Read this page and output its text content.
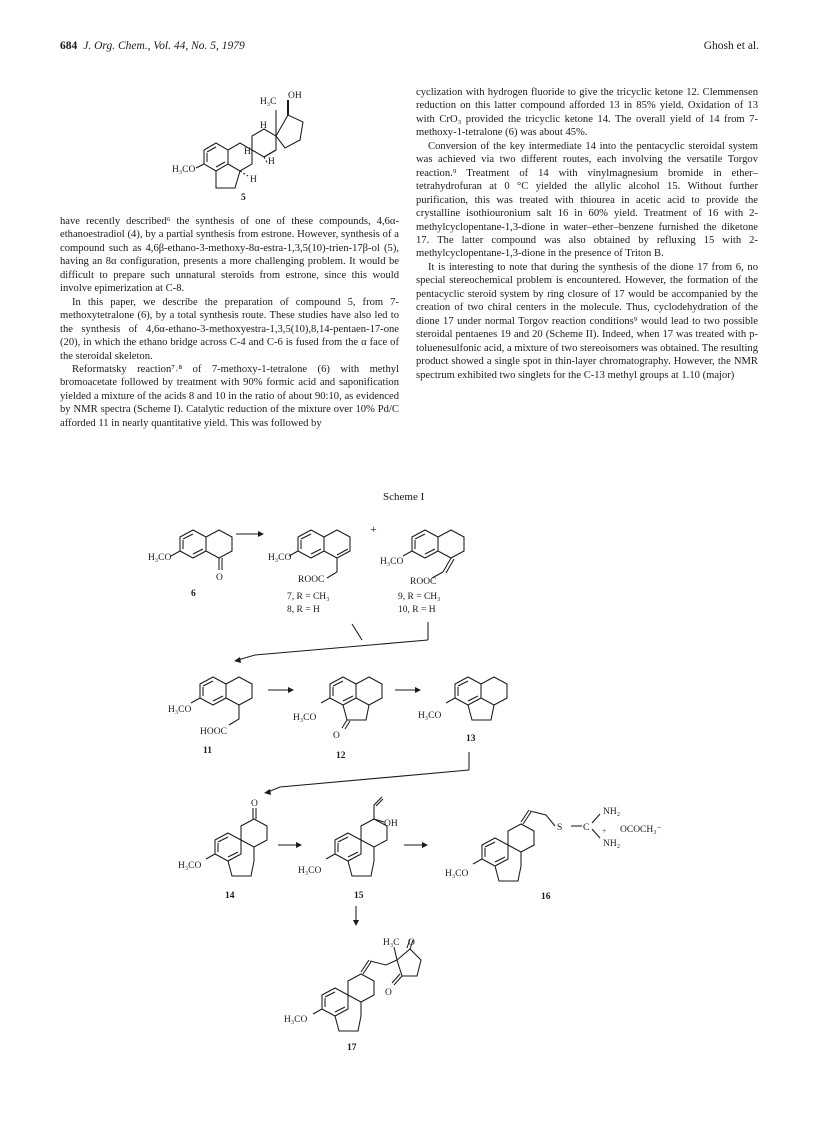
684 J. Org. Chem., Vol. 44, No. 5, 1979	Ghosh et al.
H₃C
OH
H
H
H
H
H₃CO
5

have recently described⁶ the synthesis of one of these compounds, 4,6α-ethanoestradiol (4), by a partial synthesis from estrone. However, synthesis of a compound such as 4,6β-ethano-3-methoxy-8α-estra-1,3,5(10)-trien-17β-ol (5), having an 8α configuration, presents a more challenging problem. It would be difficult to prepare such unnatural steroids from estrone, since this would involve epimerization at C-8.

In this paper, we describe the preparation of compound 5, from 7-methoxytetralone (6), by a total synthesis route. These studies have also led to the synthesis of 4,6α-ethano-3-methoxyestra-1,3,5(10),8,14-pentaen-17-one (20), in which the ethano bridge across C-4 and C-6 is fused from the α face of the steroidal skeleton.

Reformatsky reaction⁷˒⁸ of 7-methoxy-1-tetralone (6) with methyl bromoacetate followed by treatment with 90% formic acid and saponification yielded a mixture of the acids 8 and 10 in the ratio of about 90:10, as evidenced by NMR spectra (Scheme I). Catalytic reduction of the mixture over 10% Pd/C afforded 11 in nearly quantitative yield. This was followed by

cyclization with hydrogen fluoride to give the tricyclic ketone 12. Clemmensen reduction on this latter compound afforded 13 in 85% yield. Oxidation of 13 with CrO₃ provided the tricyclic ketone 14. The overall yield of 14 from 7-methoxy-1-tetralone (6) was about 45%.

Conversion of the key intermediate 14 into the pentacyclic steroidal system was achieved via two different routes, each involving the versatile Torgov reaction.⁹ Treatment of 14 with vinylmagnesium bromide in ether–tetrahydrofuran at 0 °C yielded the allylic alcohol 15. Without further purification, this was treated with thiourea in acetic acid to provide the crystalline isothiouronium salt 16 in 60% yield. Treatment of 16 with 2-methylcyclopentane-1,3-dione in water–ether–benzene furnished the diketone 17. The latter compound was also obtained by refluxing 15 with 2-methylcyclopentane-1,3-dione in the presence of Triton B.

It is interesting to note that during the synthesis of the dione 17 from 6, no special stereochemical problem is encountered. However, the formation of the pentacyclic steroid system by ring closure of 17 would be accompanied by the creation of two chiral centers in the molecule. Thus, cyclodehydration of the dione 17 under normal Torgov reaction conditions⁹ would lead to two possible steroidal pentaenes 19 and 20 (Scheme II). Indeed, when 17 was treated with p-toluenesulfonic acid, a mixture of two stereoisomers was obtained. The resulting product showed a single spot in thin-layer chromatography. However, the NMR spectrum exhibited two singlets for the C-13 methyl groups at 1.10 (major)

Scheme I
H₃CO
O
6
H₃CO
ROOC
7, R = CH₃
8, R = H
+
H₃CO
ROOC
9, R = CH₃
10, R = H
H₃CO
HOOC
11
H₃CO
O
12
H₃CO
13
O
H₃CO
14
OH
H₃CO
15
S C
NH₂
NH₂
+ OCOCH₃⁻
H₃CO
16
H₃C O
O
H₃CO
17
